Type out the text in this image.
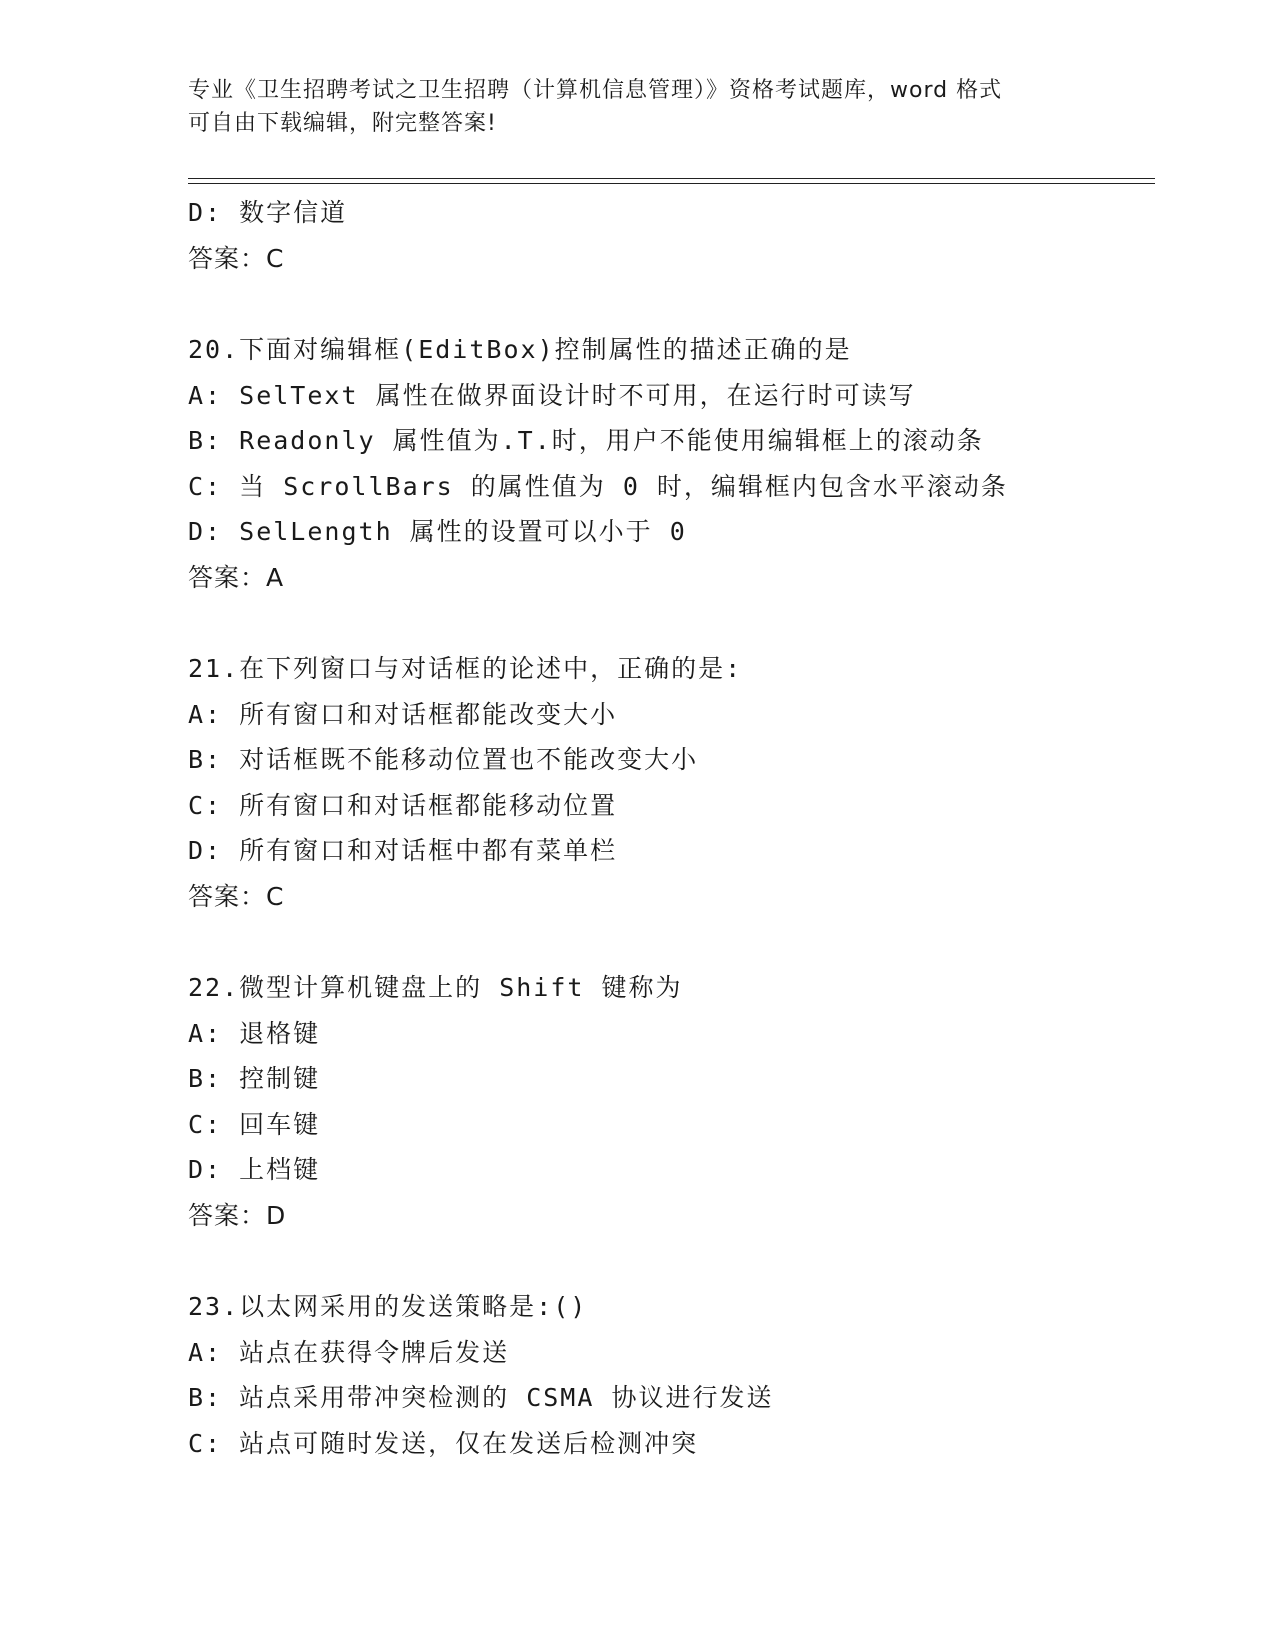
专业《卫生招聘考试之卫生招聘（计算机信息管理）》资格考试题库，word 格式
可自由下载编辑，附完整答案!
D: 数字信道
答案：C
20.下面对编辑框(EditBox)控制属性的描述正确的是
A: SelText 属性在做界面设计时不可用，在运行时可读写
B: Readonly 属性值为.T.时，用户不能使用编辑框上的滚动条
C: 当 ScrollBars 的属性值为 0 时，编辑框内包含水平滚动条
D: SelLength 属性的设置可以小于 0
答案：A
21.在下列窗口与对话框的论述中，正确的是:
A: 所有窗口和对话框都能改变大小
B: 对话框既不能移动位置也不能改变大小
C: 所有窗口和对话框都能移动位置
D: 所有窗口和对话框中都有菜单栏
答案：C
22.微型计算机键盘上的 Shift 键称为
A: 退格键
B: 控制键
C: 回车键
D: 上档键
答案：D
23.以太网采用的发送策略是:()
A: 站点在获得令牌后发送
B: 站点采用带冲突检测的 CSMA 协议进行发送
C: 站点可随时发送，仅在发送后检测冲突
